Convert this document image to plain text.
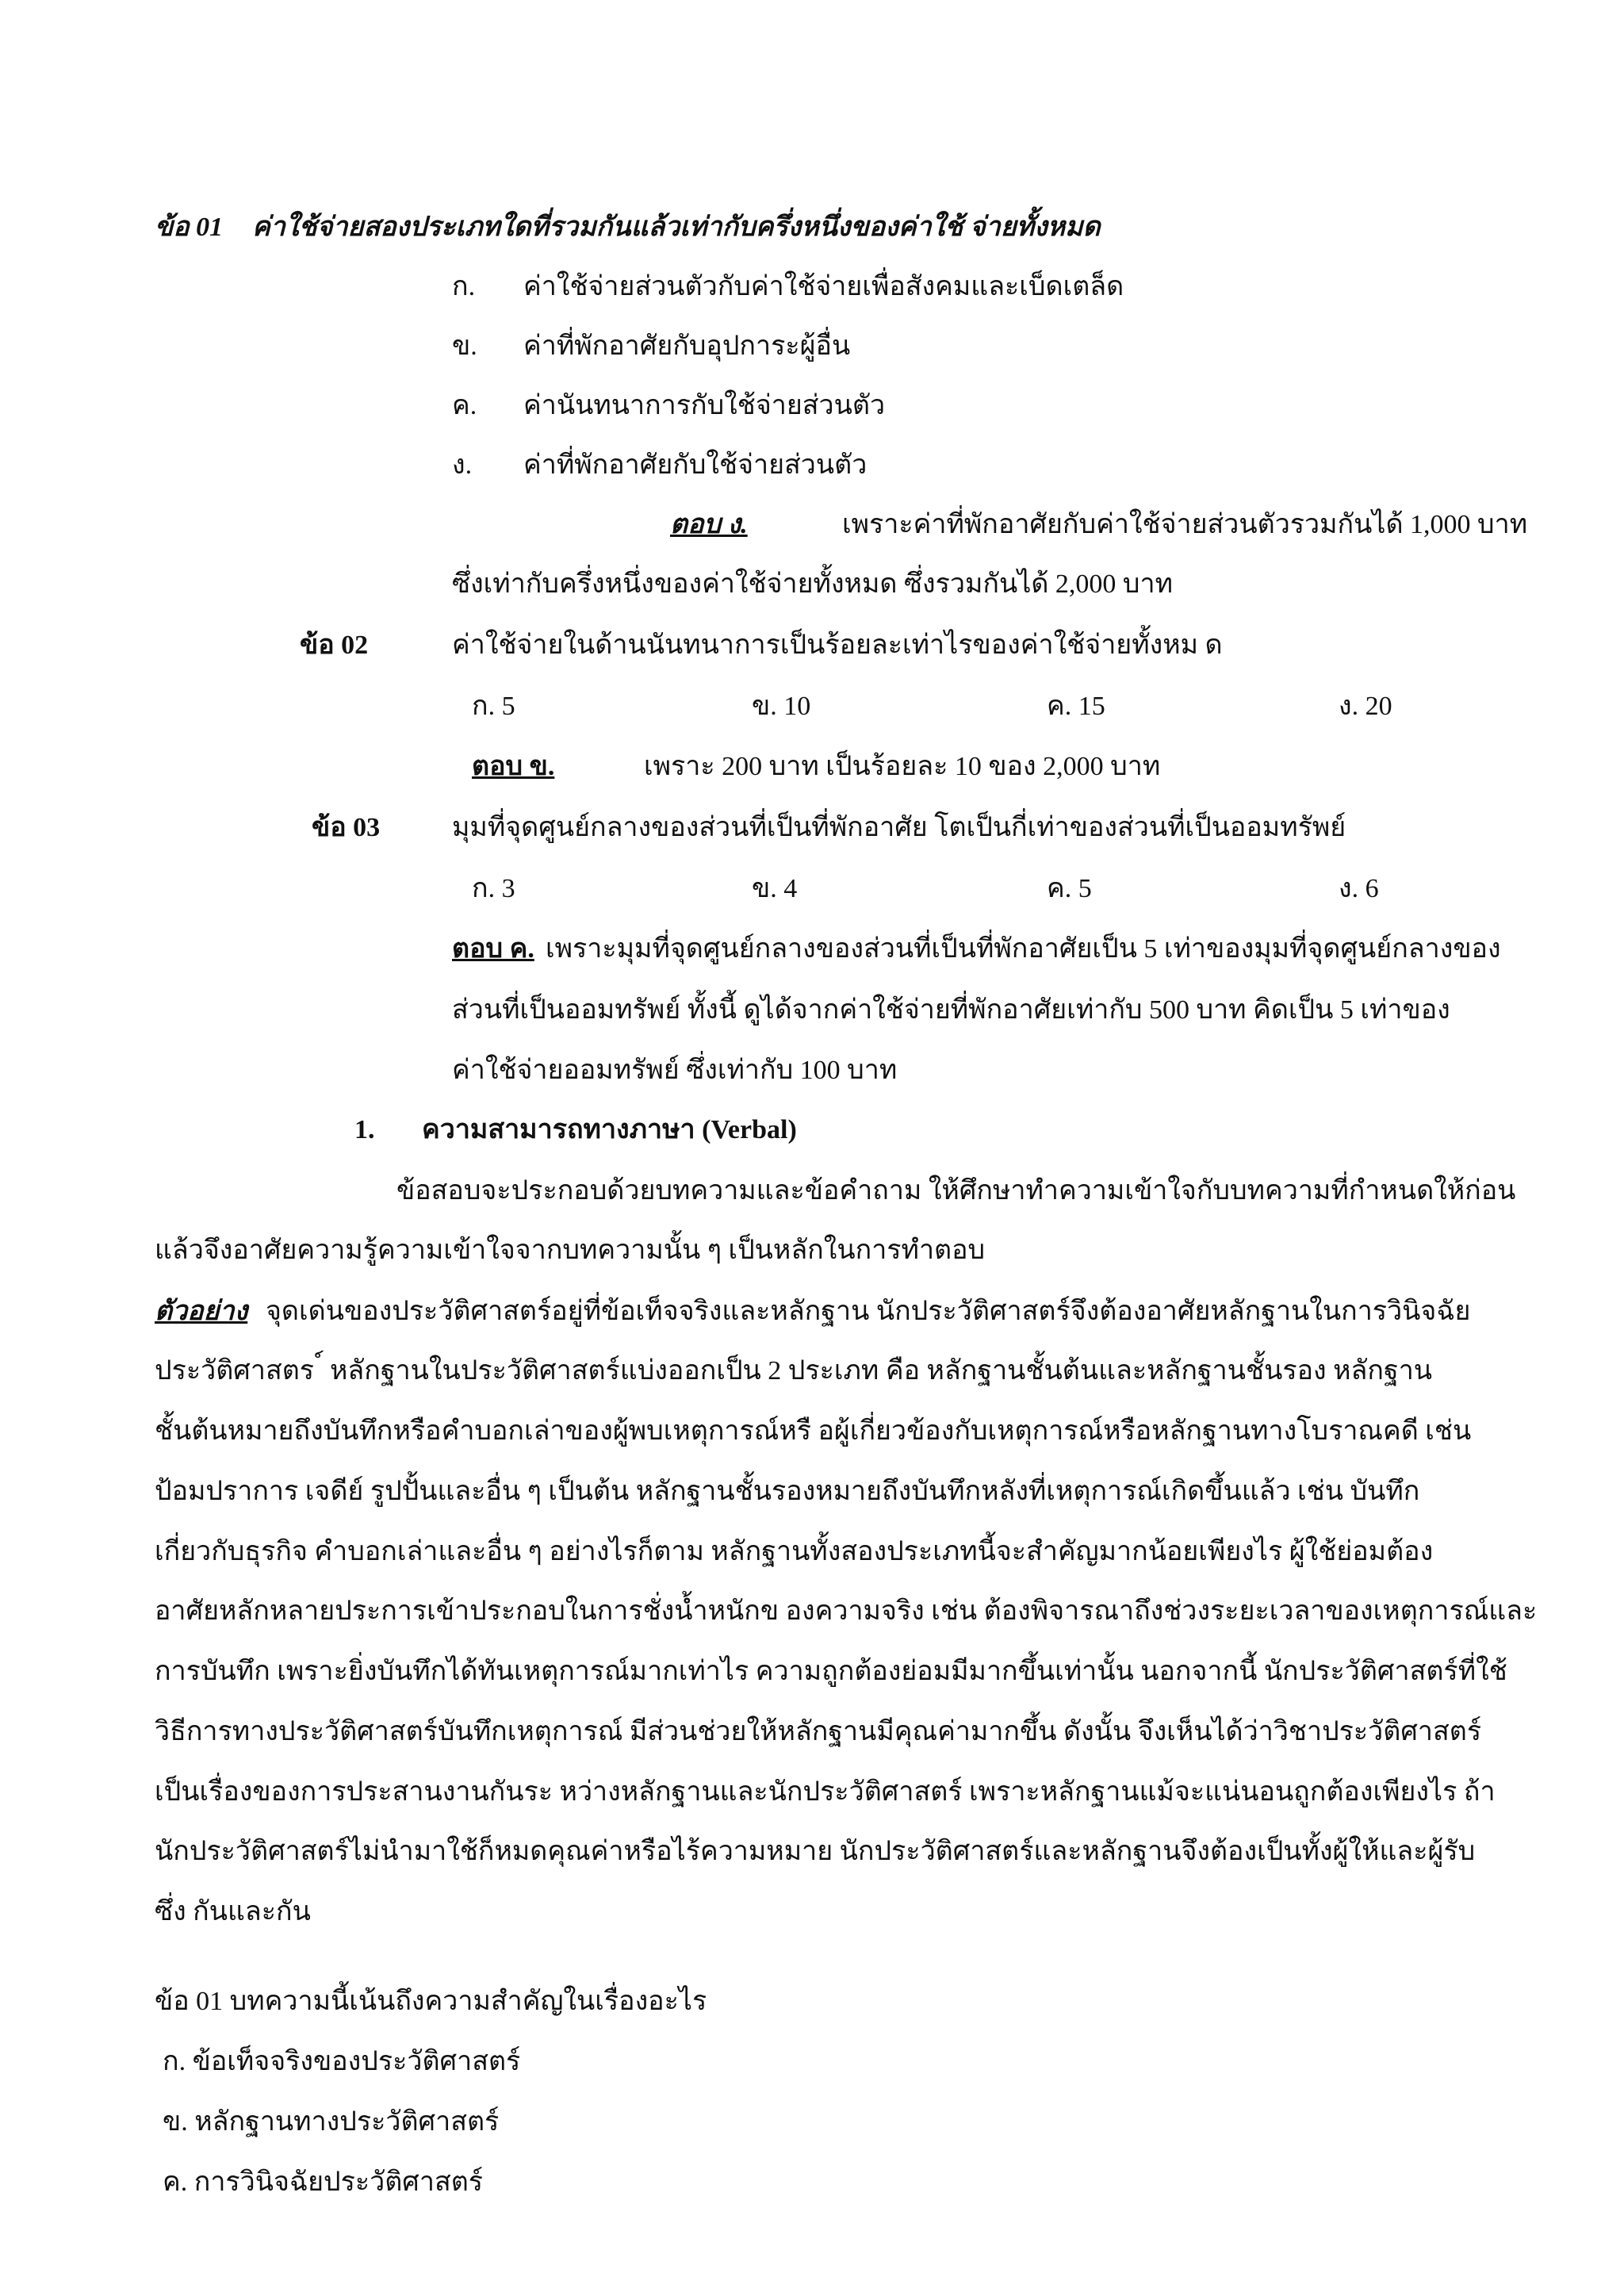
ข้อ 01 ค่าใช้จ่ายสองประเภทใดที่รวมกันแล้วเท่ากับครึ่งหนึ่งของค่าใช้ จ่ายทั้งหมด
ก. ค่าใช้จ่ายส่วนตัวกับค่าใช้จ่ายเพื่อสังคมและเบ็ดเตล็ด
ข. ค่าที่พักอาศัยกับอุปการะผู้อื่น
ค. ค่านันทนาการกับใช้จ่ายส่วนตัว
ง. ค่าที่พักอาศัยกับใช้จ่ายส่วนตัว
ตอบ ง.	เพราะค่าที่พักอาศัยกับค่าใช้จ่ายส่วนตัวรวมกันได้ 1,000 บาท
ซึ่งเท่ากับครึ่งหนึ่งของค่าใช้จ่ายทั้งหมด ซึ่งรวมกันได้ 2,000 บาท
ข้อ 02	ค่าใช้จ่ายในด้านนันทนาการเป็นร้อยละเท่าไรของค่าใช้จ่ายทั้งหม ด
ก. 5	ข. 10	ค. 15	ง. 20
ตอบ ข.	เพราะ 200 บาท เป็นร้อยละ 10 ของ 2,000 บาท
ข้อ 03	มุมที่จุดศูนย์กลางของส่วนที่เป็นที่พักอาศัย โตเป็นกี่เท่าของส่วนที่เป็นออมทรัพย์
ก. 3	ข. 4	ค. 5	ง. 6
ตอบ ค. เพราะมุมที่จุดศูนย์กลางของส่วนที่เป็นที่พักอาศัยเป็น 5 เท่าของมุมที่จุดศูนย์กลางของ
ส่วนที่เป็นออมทรัพย์ ทั้งนี้ ดูได้จากค่าใช้จ่ายที่พักอาศัยเท่ากับ 500 บาท คิดเป็น 5 เท่าของ
ค่าใช้จ่ายออมทรัพย์ ซึ่งเท่ากับ 100 บาท
1. ความสามารถทางภาษา (Verbal)
ข้อสอบจะประกอบด้วยบทความและข้อคำถาม ให้ศึกษาทำความเข้าใจกับบทความที่กำหนดให้ก่อน
แล้วจึงอาศัยความรู้ความเข้าใจจากบทความนั้น ๆ เป็นหลักในการทำตอบ
ตัวอย่าง จุดเด่นของประวัติศาสตร์อยู่ที่ข้อเท็จจริงและหลักฐาน นักประวัติศาสตร์จึงต้องอาศัยหลักฐานในการวินิจฉัย
ประวัติศาสตร ์ หลักฐานในประวัติศาสตร์แบ่งออกเป็น 2 ประเภท คือ หลักฐานชั้นต้นและหลักฐานชั้นรอง หลักฐาน
ชั้นต้นหมายถึงบันทึกหรือคำบอกเล่าของผู้พบเหตุการณ์หรื อผู้เกี่ยวข้องกับเหตุการณ์หรือหลักฐานทางโบราณคดี เช่น
ป้อมปราการ เจดีย์ รูปปั้นและอื่น ๆ เป็นต้น หลักฐานชั้นรองหมายถึงบันทึกหลังที่เหตุการณ์เกิดขึ้นแล้ว เช่น บันทึก
เกี่ยวกับธุรกิจ คำบอกเล่าและอื่น ๆ อย่างไรก็ตาม หลักฐานทั้งสองประเภทนี้จะสำคัญมากน้อยเพียงไร ผู้ใช้ย่อมต้อง
อาศัยหลักหลายประการเข้าประกอบในการชั่งน้ำหนักข องความจริง เช่น ต้องพิจารณาถึงช่วงระยะเวลาของเหตุการณ์และ
การบันทึก เพราะยิ่งบันทึกได้ทันเหตุการณ์มากเท่าไร ความถูกต้องย่อมมีมากขึ้นเท่านั้น นอกจากนี้ นักประวัติศาสตร์ที่ใช้
วิธีการทางประวัติศาสตร์บันทึกเหตุการณ์ มีส่วนช่วยให้หลักฐานมีคุณค่ามากขึ้น ดังนั้น จึงเห็นได้ว่าวิชาประวัติศาสตร์
เป็นเรื่องของการประสานงานกันระ หว่างหลักฐานและนักประวัติศาสตร์ เพราะหลักฐานแม้จะแน่นอนถูกต้องเพียงไร ถ้า
นักประวัติศาสตร์ไม่นำมาใช้ก็หมดคุณค่าหรือไร้ความหมาย นักประวัติศาสตร์และหลักฐานจึงต้องเป็นทั้งผู้ให้และผู้รับ
ซึ่ง กันและกัน
ข้อ 01 บทความนี้เน้นถึงความสำคัญในเรื่องอะไร
ก. ข้อเท็จจริงของประวัติศาสตร์
ข. หลักฐานทางประวัติศาสตร์
ค. การวินิจฉัยประวัติศาสตร์
